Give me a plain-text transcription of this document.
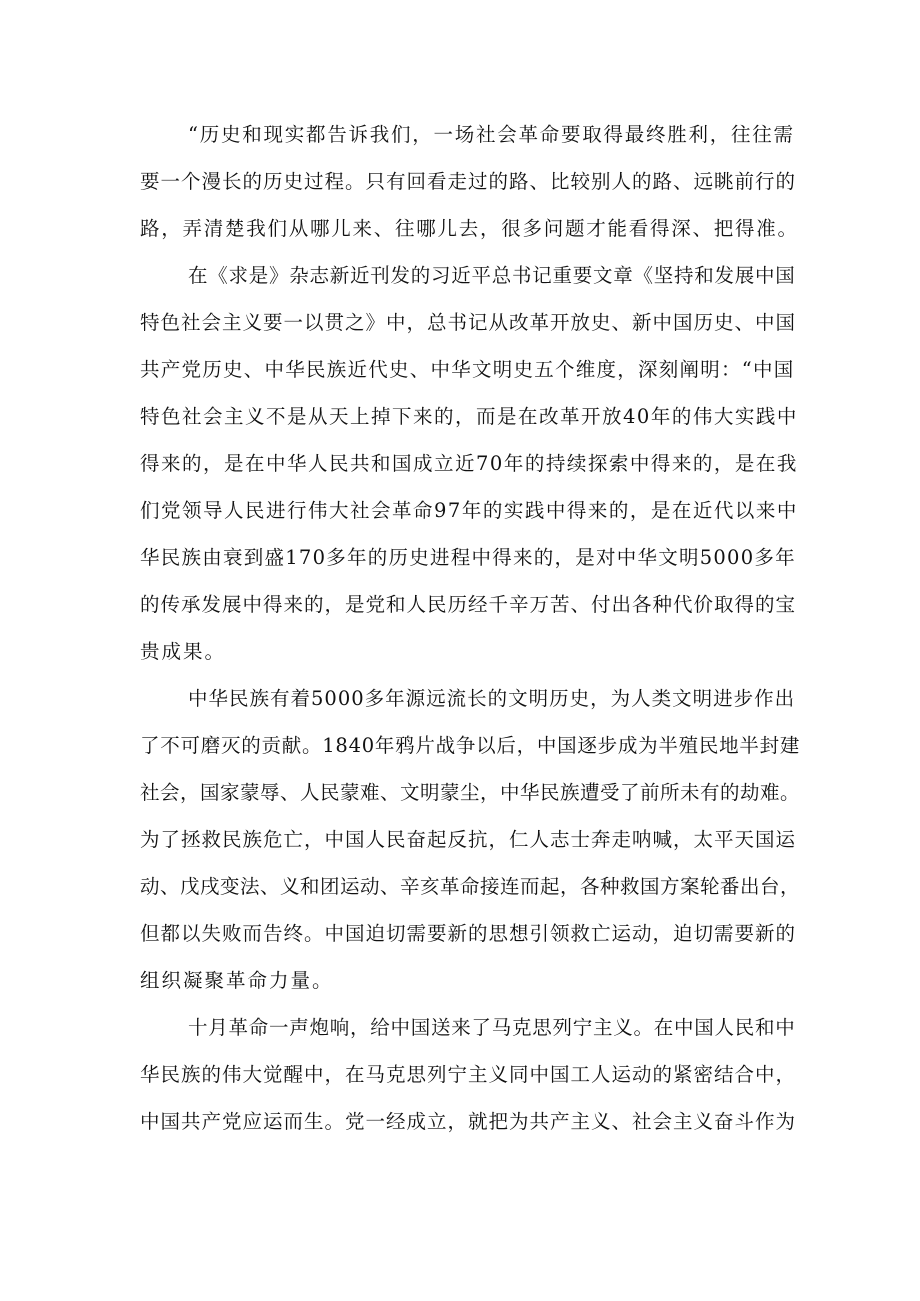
“历史和现实都告诉我们，一场社会革命要取得最终胜利，往往需
要一个漫长的历史过程。只有回看走过的路、比较别人的路、远眺前行的
路，弄清楚我们从哪儿来、往哪儿去，很多问题才能看得深、把得准。
在《求是》杂志新近刊发的习近平总书记重要文章《坚持和发展中国
特色社会主义要一以贯之》中，总书记从改革开放史、新中国历史、中国
共产党历史、中华民族近代史、中华文明史五个维度，深刻阐明：“中国
特色社会主义不是从天上掉下来的，而是在改革开放40年的伟大实践中
得来的，是在中华人民共和国成立近70年的持续探索中得来的，是在我
们党领导人民进行伟大社会革命97年的实践中得来的，是在近代以来中
华民族由衰到盛170多年的历史进程中得来的，是对中华文明5000多年
的传承发展中得来的，是党和人民历经千辛万苦、付出各种代价取得的宝
贵成果。
中华民族有着5000多年源远流长的文明历史，为人类文明进步作出
了不可磨灭的贡献。1840年鸦片战争以后，中国逐步成为半殖民地半封建
社会，国家蒙辱、人民蒙难、文明蒙尘，中华民族遭受了前所未有的劫难。
为了拯救民族危亡，中国人民奋起反抗，仁人志士奔走呐喊，太平天国运
动、戊戌变法、义和团运动、辛亥革命接连而起，各种救国方案轮番出台，
但都以失败而告终。中国迫切需要新的思想引领救亡运动，迫切需要新的
组织凝聚革命力量。
十月革命一声炮响，给中国送来了马克思列宁主义。在中国人民和中
华民族的伟大觉醒中，在马克思列宁主义同中国工人运动的紧密结合中，
中国共产党应运而生。党一经成立，就把为共产主义、社会主义奋斗作为
